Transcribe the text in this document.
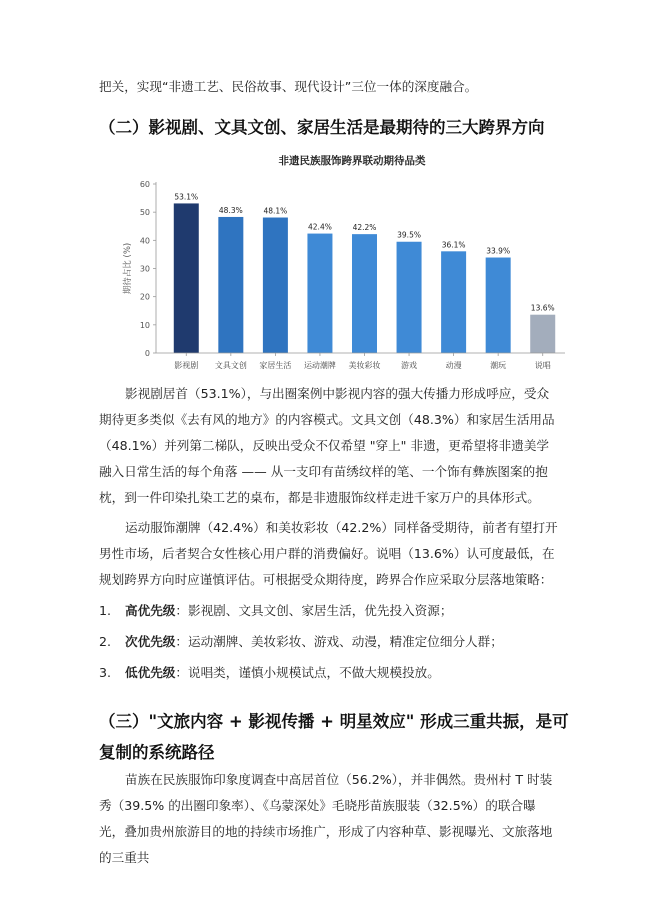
把关，实现“非遗工艺、民俗故事、现代设计”三位一体的深度融合。

（二）影视剧、文具文创、家居生活是最期待的三大跨界方向
非遗民族服饰跨界联动期待品类
期待占比 (%)
0
10
20
30
40
50
60
53.1%
48.3%	48.1%
42.4%	42.2%
39.5%
36.1%
33.9%
13.6%
影视剧 文具文创 家居生活 运动潮牌 美妆彩妆	游戏	动漫	潮玩	说唱

影视剧居首（53.1%），与出圈案例中影视内容的强大传播力形成呼应，受众期待更多类似《去有风的地方》的内容模式。文具文创（48.3%）和家居生活用品（48.1%）并列第二梯队，反映出受众不仅希望 "穿上" 非遗，更希望将非遗美学融入日常生活的每个角落 —— 从一支印有苗绣纹样的笔、一个饰有彝族图案的抱枕，到一件印染扎染工艺的桌布，都是非遗服饰纹样走进千家万户的具体形式。

运动服饰潮牌（42.4%）和美妆彩妆（42.2%）同样备受期待，前者有望打开男性市场，后者契合女性核心用户群的消费偏好。说唱（13.6%）认可度最低，在规划跨界方向时应谨慎评估。可根据受众期待度，跨界合作应采取分层落地策略：

1. 高优先级：影视剧、文具文创、家居生活，优先投入资源；
2. 次优先级：运动潮牌、美妆彩妆、游戏、动漫，精准定位细分人群；
3. 低优先级：说唱类，谨慎小规模试点，不做大规模投放。
（三）"文旅内容 + 影视传播 + 明星效应" 形成三重共振，是可复制的系统路径

苗族在民族服饰印象度调查中高居首位（56.2%），并非偶然。贵州村 T 时装秀（39.5% 的出圈印象率）、《乌蒙深处》毛晓彤苗族服装（32.5%）的联合曝光，叠加贵州旅游目的地的持续市场推广，形成了内容种草、影视曝光、文旅落地的三重共
